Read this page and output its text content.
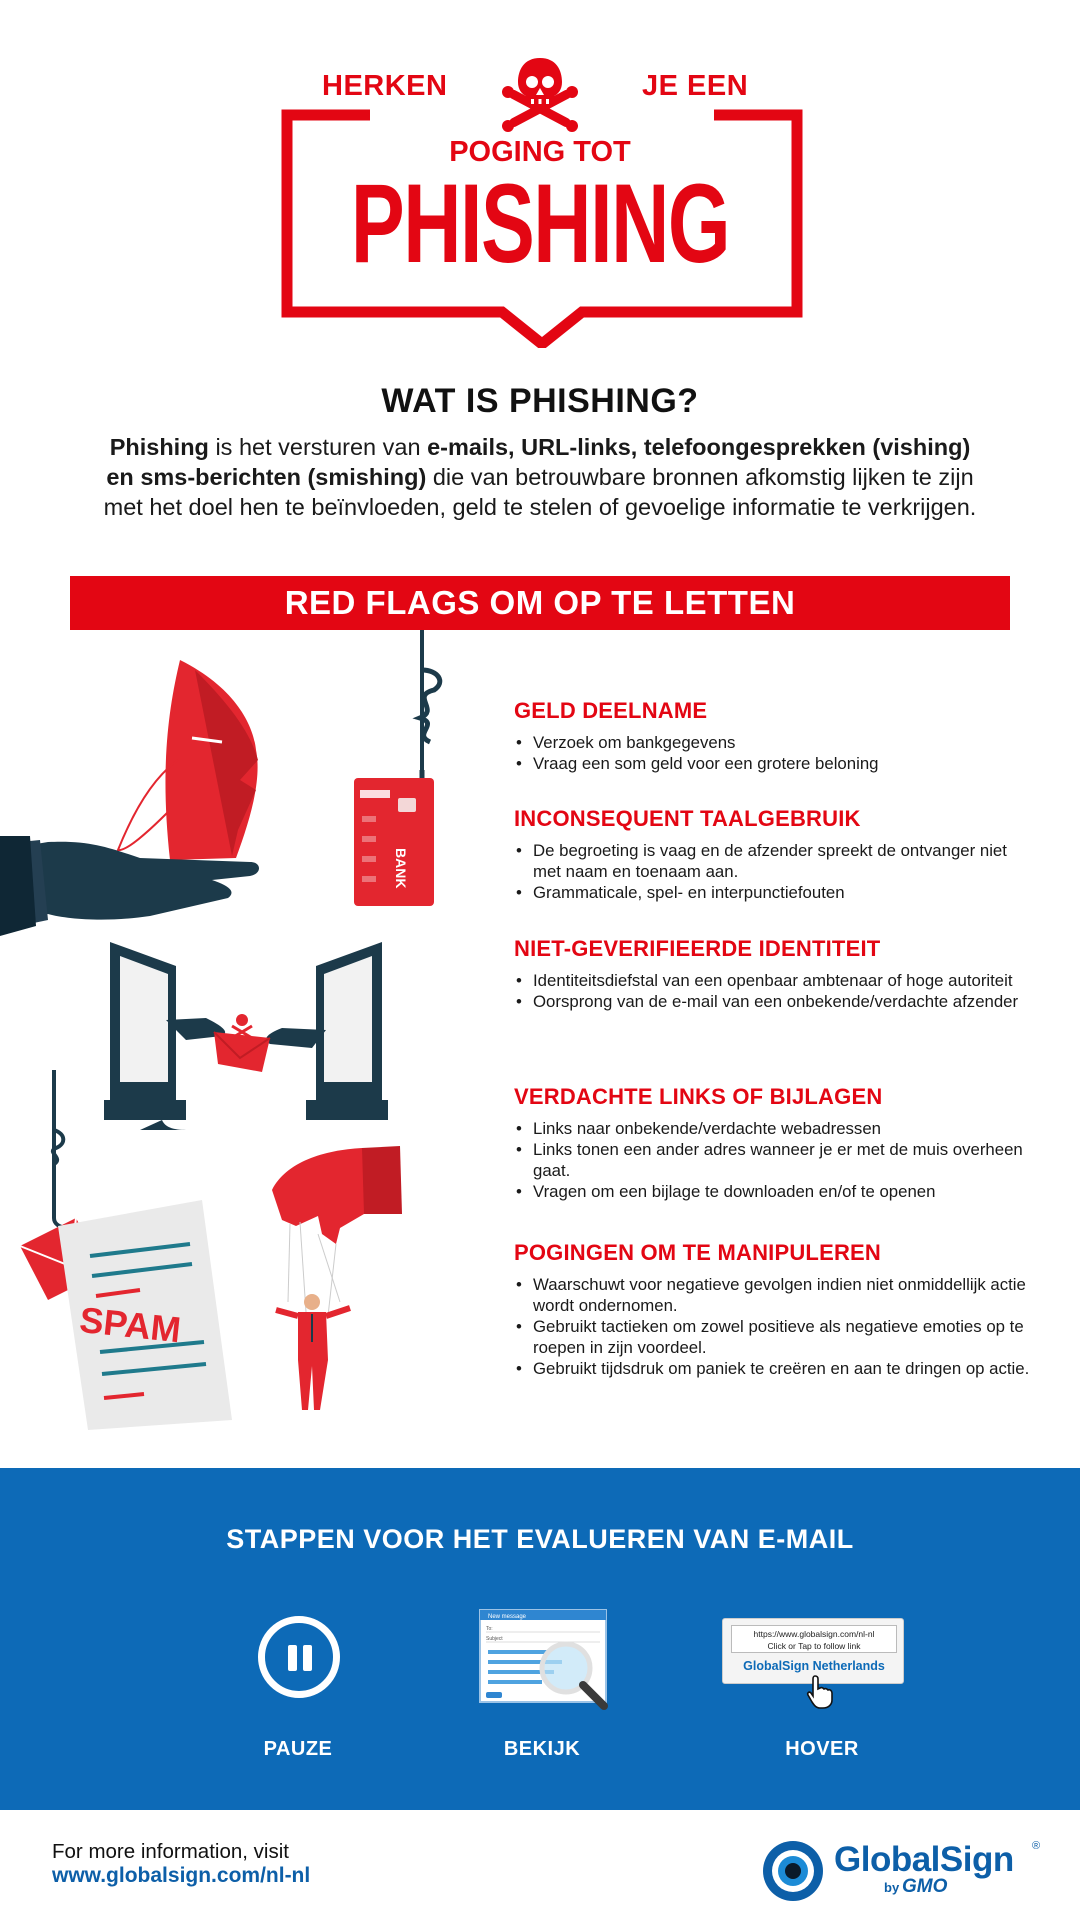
HERKEN	JE EEN
POGING TOT
PHISHING
WAT IS PHISHING?

Phishing is het versturen van e-mails, URL-links, telefoongesprekken (vishing) en sms-berichten (smishing) die van betrouwbare bronnen afkomstig lijken te zijn met het doel hen te beïnvloeden, geld te stelen of gevoelige informatie te verkrijgen.

RED FLAGS OM OP TE LETTEN
BANK
SPAM
GELD DEELNAME
• Verzoek om bankgegevens
• Vraag een som geld voor een grotere beloning
INCONSEQUENT TAALGEBRUIK
• De begroeting is vaag en de afzender spreekt de ontvanger niet met naam en toenaam aan.
• Grammaticale, spel- en interpunctiefouten
NIET-GEVERIFIEERDE IDENTITEIT
• Identiteitsdiefstal van een openbaar ambtenaar of hoge autoriteit
• Oorsprong van de e-mail van een onbekende/verdachte afzender
VERDACHTE LINKS OF BIJLAGEN
• Links naar onbekende/verdachte webadressen
• Links tonen een ander adres wanneer je er met de muis overheen gaat.
• Vragen om een bijlage te downloaden en/of te openen
POGINGEN OM TE MANIPULEREN
• Waarschuwt voor negatieve gevolgen indien niet onmiddellijk actie wordt ondernomen.
• Gebruikt tactieken om zowel positieve als negatieve emoties op te roepen in zijn voordeel.
• Gebruikt tijdsdruk om paniek te creëren en aan te dringen op actie.
STAPPEN VOOR HET EVALUEREN VAN E-MAIL
PAUZE
New message
To:
Subject
BEKIJK
https://www.globalsign.com/nl-nl
Click or Tap to follow link
GlobalSign Netherlands
HOVER
For more information, visit
www.globalsign.com/nl-nl	GlobalSign ®
by GMO
